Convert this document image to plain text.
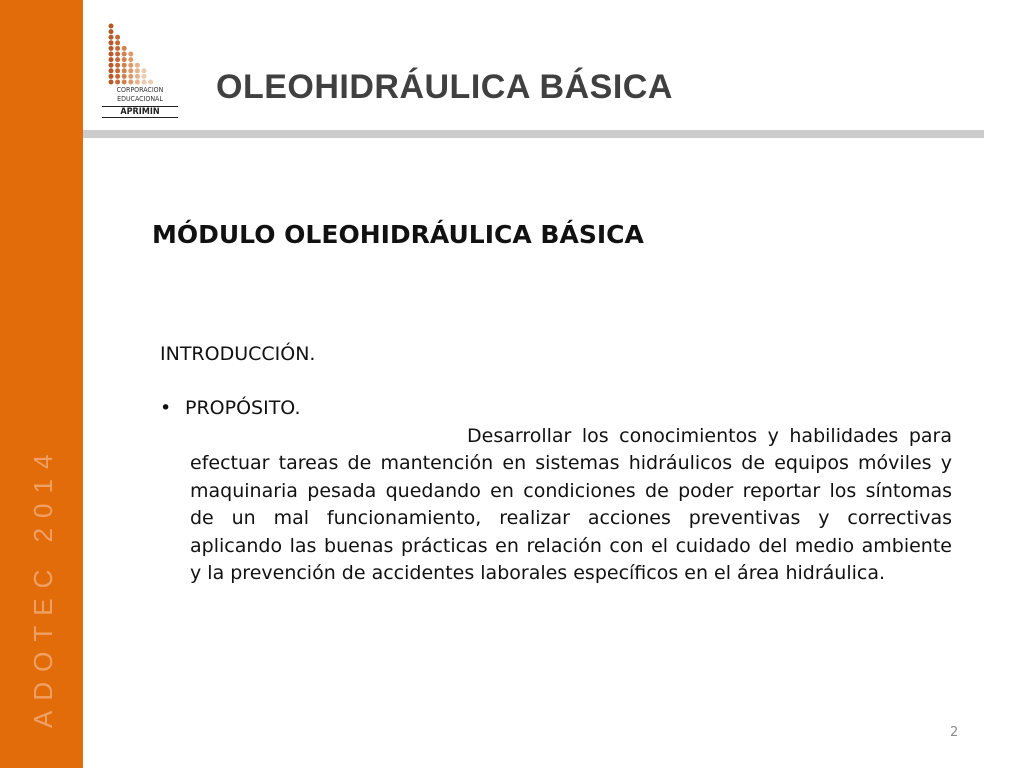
ADOTEC 2014
CORPORACION
EDUCACIONAL
APRIMIN
OLEOHIDRÁULICA BÁSICA
MÓDULO OLEOHIDRÁULICA BÁSICA
INTRODUCCIÓN.
• PROPÓSITO.
Desarrollar los conocimientos y habilidades para efectuar tareas de mantención en sistemas hidráulicos de equipos móviles y maquinaria pesada quedando en condiciones de poder reportar los síntomas de un mal funcionamiento, realizar acciones preventivas y correctivas aplicando las buenas prácticas en relación con el cuidado del medio ambiente y la prevención de accidentes laborales específicos en el área hidráulica.
2
